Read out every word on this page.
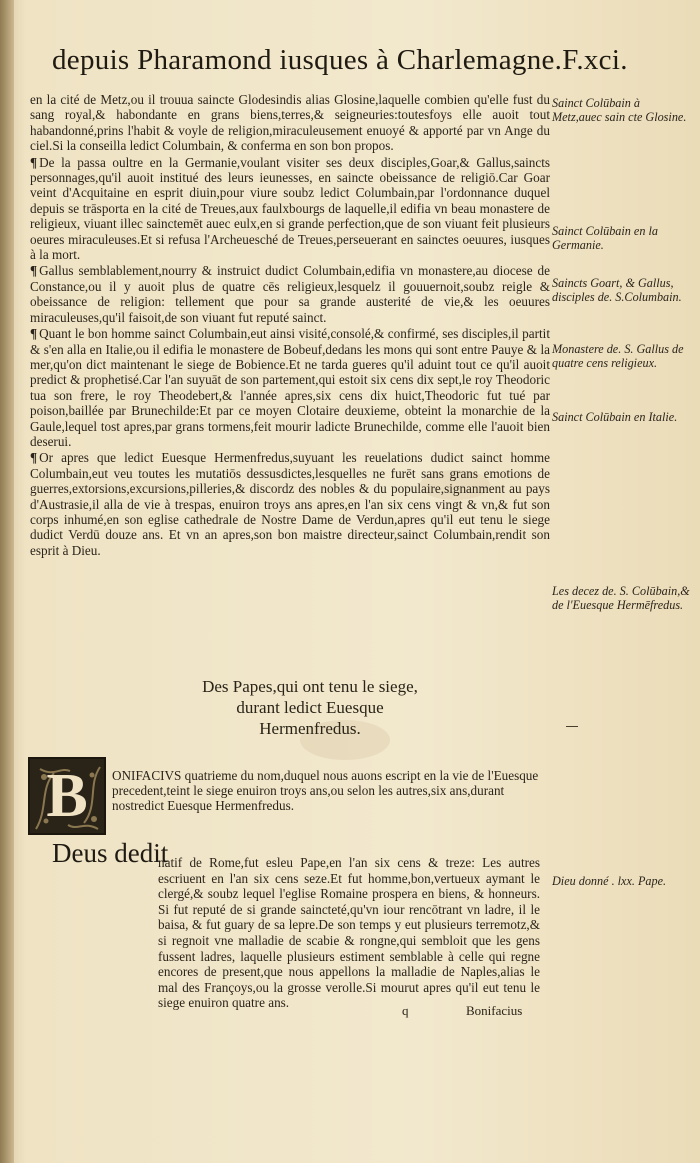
depuis Pharamond iusques à Charlemagne.F.xci.

en la cité de Metz,ou il trouua saincte Glodesindis alias Glosine,laquelle combien qu'elle fust du sang royal,& habondante en grans biens,terres,& seigneuries:toutesfoys elle auoit tout habandonné,prins l'habit & voyle de religion,miraculeusement enuoyé & apporté par vn Ange du ciel.Si la conseilla ledict Columbain, & conferma en son bon propos.

¶ De la passa oultre en la Germanie,voulant visiter ses deux disciples,Goar,& Gallus,saincts personnages,qu'il auoit institué des leurs ieunesses, en saincte obeissance de religiō.Car Goar veint d'Acquitaine en esprit diuin,pour viure soubz ledict Columbain,par l'ordonnance duquel depuis se trāsporta en la cité de Treues,aux faulxbourgs de laquelle,il edifia vn beau monastere de religieux, viuant illec sainctemēt auec eulx,en si grande perfection,que de son viuant feit plusieurs oeures miraculeuses.Et si refusa l'Archeuesché de Treues,perseuerant en sainctes oeuures, iusques à la mort.

¶ Gallus semblablement,nourry & instruict dudict Columbain,edifia vn monastere,au diocese de Constance,ou il y auoit plus de quatre cēs religieux,lesquelz il gouuernoit,soubz reigle & obeissance de religion: tellement que pour sa grande austerité de vie,& les oeuures miraculeuses,qu'il faisoit,de son viuant fut reputé sainct.

¶ Quant le bon homme sainct Columbain,eut ainsi visité,consolé,& confirmé, ses disciples,il partit & s'en alla en Italie,ou il edifia le monastere de Bobeuf,dedans les mons qui sont entre Pauye & la mer,qu'on dict maintenant le siege de Bobience.Et ne tarda gueres qu'il aduint tout ce qu'il auoit predict & prophetisé.Car l'an suyuāt de son partement,qui estoit six cens dix sept,le roy Theodoric tua son frere, le roy Theodebert,& l'année apres,six cens dix huict,Theodoric fut tué par poison,baillée par Brunechilde:Et par ce moyen Clotaire deuxieme, obteint la monarchie de la Gaule,lequel tost apres,par grans tormens,feit mourir ladicte Brunechilde, comme elle l'auoit bien deserui.

¶ Or apres que ledict Euesque Hermenfredus,suyuant les reuelations dudict sainct homme Columbain,eut veu toutes les mutatiōs dessusdictes,lesquelles ne furēt sans grans emotions de guerres,extorsions,excursions,pilleries,& discordz des nobles & du populaire,signanment au pays d'Austrasie,il alla de vie à trespas, enuiron troys ans apres,en l'an six cens vingt & vn,& fut son corps inhumé,en son eglise cathedrale de Nostre Dame de Verdun,apres qu'il eut tenu le siege dudict Verdū douze ans. Et vn an apres,son bon maistre directeur,sainct Columbain,rendit son esprit à Dieu.

Sainct Colūbain à Metz,auec sain cte Glosine.
Sainct Colūbain en la Germanie.
Saincts Goart, & Gallus, disciples de. S.Columbain.
Monastere de. S. Gallus de quatre cens religieux.
Sainct Colūbain en Italie.
Les decez de. S. Colūbain,& de l'Euesque Hermēfredus.
Des Papes,qui ont tenu le siege,
durant ledict Euesque
Hermenfredus.
B ONIFACIVS quatrieme du nom,duquel nous auons escript en la vie de l'Euesque precedent,teint le siege enuiron troys ans,ou selon les autres,six ans,durant nostredict Euesque Hermenfredus.
Deus dedit
natif de Rome,fut esleu Pape,en l'an six cens & treze: Les autres escriuent en l'an six cens seze.Et fut homme,bon,vertueux aymant le clergé,& soubz lequel l'eglise Romaine prospera en biens, & honneurs. Si fut reputé de si grande saincteté,qu'vn iour rencōtrant vn ladre, il le baisa, & fut guary de sa lepre.De son temps y eut plusieurs terremotz,& si regnoit vne malladie de scabie & rongne,qui sembloit que les gens fussent ladres, laquelle plusieurs estiment semblable à celle qui regne encores de present,que nous appellons la malladie de Naples,alias le mal des Françoys,ou la grosse verolle.Si mourut apres qu'il eut tenu le siege enuiron quatre ans.
Dieu donné . lxx. Pape.
q	Bonifacius
